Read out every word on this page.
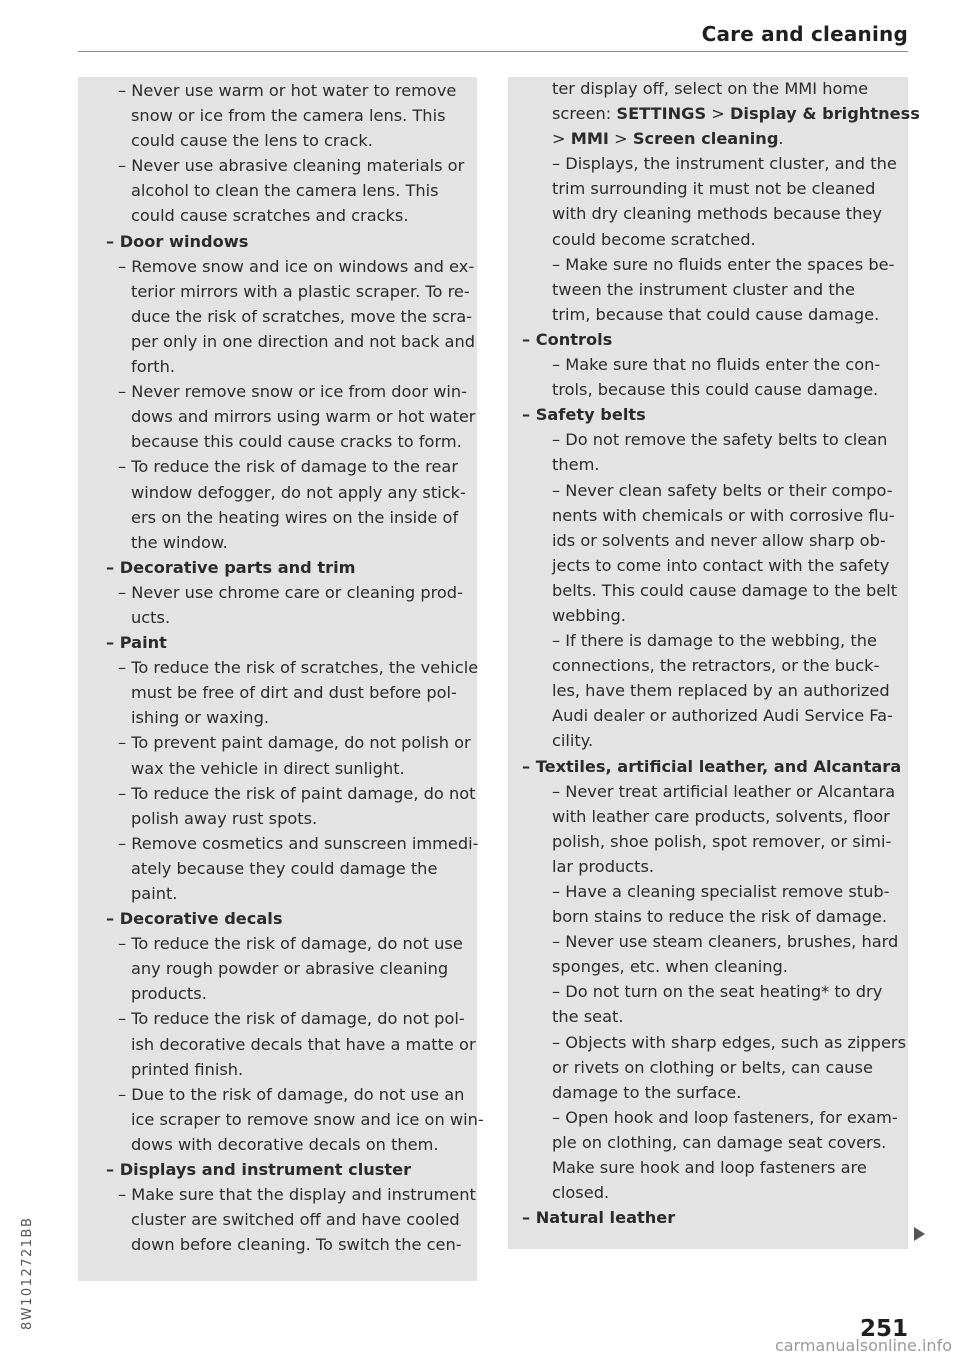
Care and cleaning
– Never use warm or hot water to remove
snow or ice from the camera lens. This
could cause the lens to crack.
– Never use abrasive cleaning materials or
alcohol to clean the camera lens. This
could cause scratches and cracks.
– Door windows
– Remove snow and ice on windows and ex-
terior mirrors with a plastic scraper. To re-
duce the risk of scratches, move the scra-
per only in one direction and not back and
forth.
– Never remove snow or ice from door win-
dows and mirrors using warm or hot water
because this could cause cracks to form.
– To reduce the risk of damage to the rear
window defogger, do not apply any stick-
ers on the heating wires on the inside of
the window.
– Decorative parts and trim
– Never use chrome care or cleaning prod-
ucts.
– Paint
– To reduce the risk of scratches, the vehicle
must be free of dirt and dust before pol-
ishing or waxing.
– To prevent paint damage, do not polish or
wax the vehicle in direct sunlight.
– To reduce the risk of paint damage, do not
polish away rust spots.
– Remove cosmetics and sunscreen immedi-
ately because they could damage the
paint.
– Decorative decals
– To reduce the risk of damage, do not use
any rough powder or abrasive cleaning
products.
– To reduce the risk of damage, do not pol-
ish decorative decals that have a matte or
printed finish.
– Due to the risk of damage, do not use an
ice scraper to remove snow and ice on win-
dows with decorative decals on them.
– Displays and instrument cluster
– Make sure that the display and instrument
cluster are switched off and have cooled
down before cleaning. To switch the cen-
ter display off, select on the MMI home
screen: SETTINGS > Display & brightness
> MMI > Screen cleaning.
– Displays, the instrument cluster, and the
trim surrounding it must not be cleaned
with dry cleaning methods because they
could become scratched.
– Make sure no fluids enter the spaces be-
tween the instrument cluster and the
trim, because that could cause damage.
– Controls
– Make sure that no fluids enter the con-
trols, because this could cause damage.
– Safety belts
– Do not remove the safety belts to clean
them.
– Never clean safety belts or their compo-
nents with chemicals or with corrosive flu-
ids or solvents and never allow sharp ob-
jects to come into contact with the safety
belts. This could cause damage to the belt
webbing.
– If there is damage to the webbing, the
connections, the retractors, or the buck-
les, have them replaced by an authorized
Audi dealer or authorized Audi Service Fa-
cility.
– Textiles, artificial leather, and Alcantara
– Never treat artificial leather or Alcantara
with leather care products, solvents, floor
polish, shoe polish, spot remover, or simi-
lar products.
– Have a cleaning specialist remove stub-
born stains to reduce the risk of damage.
– Never use steam cleaners, brushes, hard
sponges, etc. when cleaning.
– Do not turn on the seat heating* to dry
the seat.
– Objects with sharp edges, such as zippers
or rivets on clothing or belts, can cause
damage to the surface.
– Open hook and loop fasteners, for exam-
ple on clothing, can damage seat covers.
Make sure hook and loop fasteners are
closed.
– Natural leather
8W1012721BB	251
carmanualsonline.info
